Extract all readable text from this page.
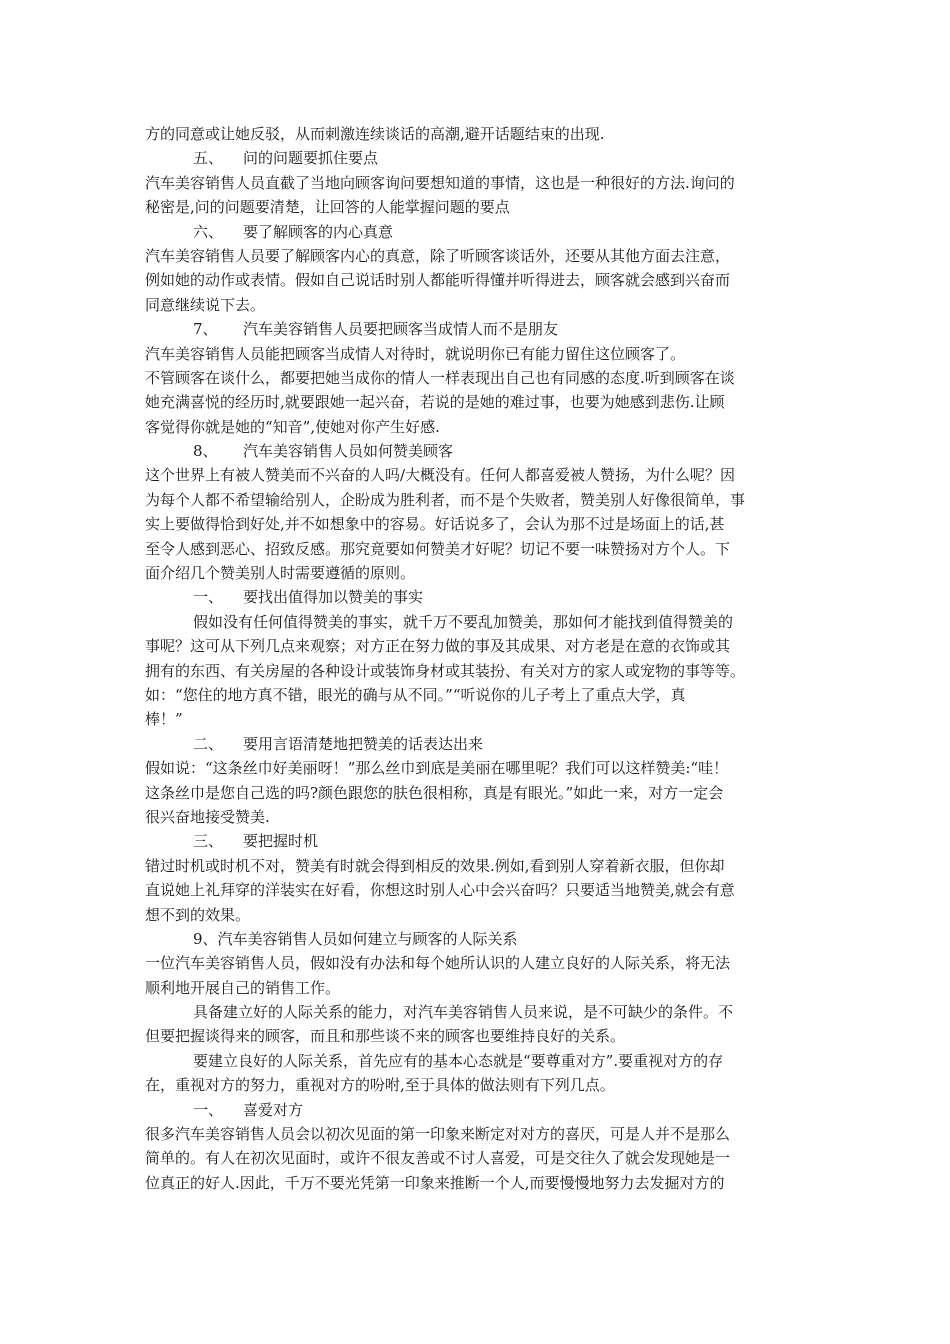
方的同意或让她反驳，从而刺激连续谈话的高潮,避开话题结束的出现.
五、 问的问题要抓住要点
汽车美容销售人员直截了当地向顾客询问要想知道的事情，这也是一种很好的方法.询问的
秘密是,问的问题要清楚，让回答的人能掌握问题的要点
六、 要了解顾客的内心真意
汽车美容销售人员要了解顾客内心的真意，除了听顾客谈话外，还要从其他方面去注意，
例如她的动作或表情。假如自己说话时别人都能听得懂并听得进去，顾客就会感到兴奋而
同意继续说下去。
7、 汽车美容销售人员要把顾客当成情人而不是朋友
汽车美容销售人员能把顾客当成情人对待时，就说明你已有能力留住这位顾客了。
不管顾客在谈什么，都要把她当成你的情人一样表现出自己也有同感的态度.听到顾客在谈
她充满喜悦的经历时,就要跟她一起兴奋，若说的是她的难过事，也要为她感到悲伤.让顾
客觉得你就是她的“知音”,使她对你产生好感.
8、 汽车美容销售人员如何赞美顾客
这个世界上有被人赞美而不兴奋的人吗/大概没有。任何人都喜爱被人赞扬，为什么呢？因
为每个人都不希望输给别人，企盼成为胜利者，而不是个失败者，赞美别人好像很简单，事
实上要做得恰到好处,并不如想象中的容易。好话说多了，会认为那不过是场面上的话,甚
至令人感到恶心、招致反感。那究竟要如何赞美才好呢？切记不要一味赞扬对方个人。下
面介绍几个赞美别人时需要遵循的原则。
一、 要找出值得加以赞美的事实
假如没有任何值得赞美的事实，就千万不要乱加赞美，那如何才能找到值得赞美的
事呢？这可从下列几点来观察；对方正在努力做的事及其成果、对方老是在意的衣饰或其
拥有的东西、有关房屋的各种设计或装饰身材或其装扮、有关对方的家人或宠物的事等等。
如：“您住的地方真不错，眼光的确与从不同。”“听说你的儿子考上了重点大学，真
棒！”
二、 要用言语清楚地把赞美的话表达出来
假如说：“这条丝巾好美丽呀！”那么丝巾到底是美丽在哪里呢？我们可以这样赞美:“哇！
这条丝巾是您自己选的吗?颜色跟您的肤色很相称，真是有眼光。”如此一来，对方一定会
很兴奋地接受赞美.
三、 要把握时机
错过时机或时机不对，赞美有时就会得到相反的效果.例如,看到别人穿着新衣服，但你却
直说她上礼拜穿的洋装实在好看，你想这时别人心中会兴奋吗？只要适当地赞美,就会有意
想不到的效果。
9、汽车美容销售人员如何建立与顾客的人际关系
一位汽车美容销售人员，假如没有办法和每个她所认识的人建立良好的人际关系，将无法
顺利地开展自己的销售工作。
具备建立好的人际关系的能力，对汽车美容销售人员来说，是不可缺少的条件。不
但要把握谈得来的顾客，而且和那些谈不来的顾客也要维持良好的关系。
要建立良好的人际关系，首先应有的基本心态就是“要尊重对方”.要重视对方的存
在，重视对方的努力，重视对方的吩咐,至于具体的做法则有下列几点。
一、 喜爱对方
很多汽车美容销售人员会以初次见面的第一印象来断定对对方的喜厌，可是人并不是那么
简单的。有人在初次见面时，或许不很友善或不讨人喜爱，可是交往久了就会发现她是一
位真正的好人.因此，千万不要光凭第一印象来推断一个人,而要慢慢地努力去发掘对方的
